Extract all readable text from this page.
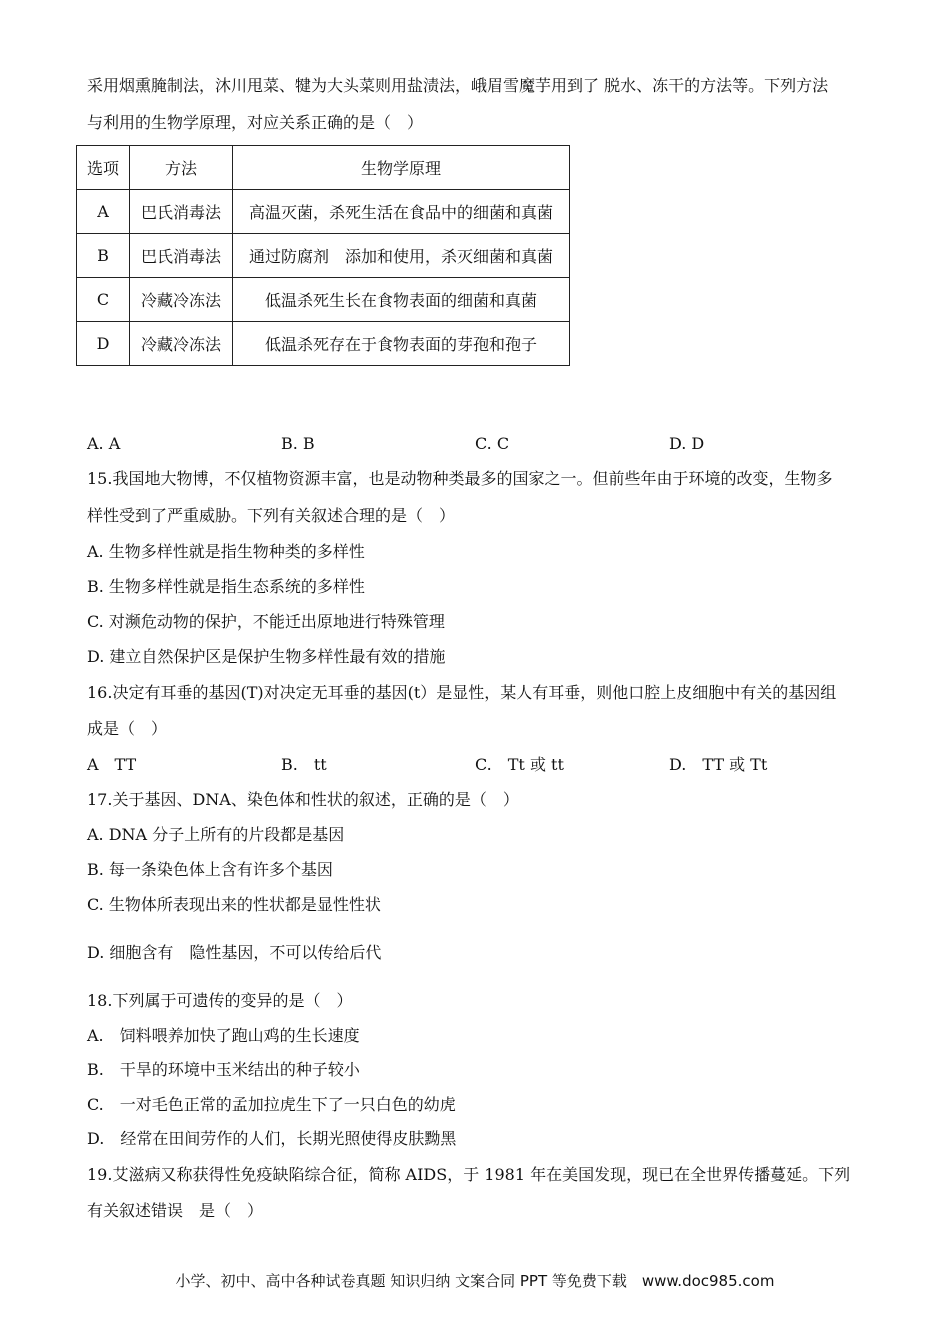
采用烟熏腌制法，沐川甩菜、犍为大头菜则用盐渍法，峨眉雪魔芋用到了 脱水、冻干的方法等。下列方法
与利用的生物学原理，对应关系正确的是（　）
选项	方法	生物学原理
A	巴氏消毒法	高温灭菌，杀死生活在食品中的细菌和真菌
B	巴氏消毒法	通过防腐剂　添加和使用，杀灭细菌和真菌
C	冷藏冷冻法	低温杀死生长在食物表面的细菌和真菌
D	冷藏冷冻法	低温杀死存在于食物表面的芽孢和孢子
A. A	B. B	C. C	D. D
15.我国地大物博，不仅植物资源丰富，也是动物种类最多的国家之一。但前些年由于环境的改变，生物多
样性受到了严重威胁。下列有关叙述合理的是（　）
A. 生物多样性就是指生物种类的多样性
B. 生物多样性就是指生态系统的多样性
C. 对濒危动物的保护，不能迁出原地进行特殊管理
D. 建立自然保护区是保护生物多样性最有效的措施
16.决定有耳垂的基因(T)对决定无耳垂的基因(t）是显性，某人有耳垂，则他口腔上皮细胞中有关的基因组
成是（　）
A　TT	B.　tt	C.　Tt 或 tt	D.　TT 或 Tt
17.关于基因、DNA、染色体和性状的叙述，正确的是（　）
A. DNA 分子上所有的片段都是基因
B. 每一条染色体上含有许多个基因
C. 生物体所表现出来的性状都是显性性状
D. 细胞含有　隐性基因，不可以传给后代
18.下列属于可遗传的变异的是（　）
A.　饲料喂养加快了跑山鸡的生长速度
B.　干旱的环境中玉米结出的种子较小
C.　一对毛色正常的孟加拉虎生下了一只白色的幼虎
D.　经常在田间劳作的人们，长期光照使得皮肤黝黑
19.艾滋病又称获得性免疫缺陷综合征，简称 AIDS，于 1981 年在美国发现，现已在全世界传播蔓延。下列
有关叙述错误　是（　）
小学、初中、高中各种试卷真题 知识归纳 文案合同 PPT 等免费下载　www.doc985.com
